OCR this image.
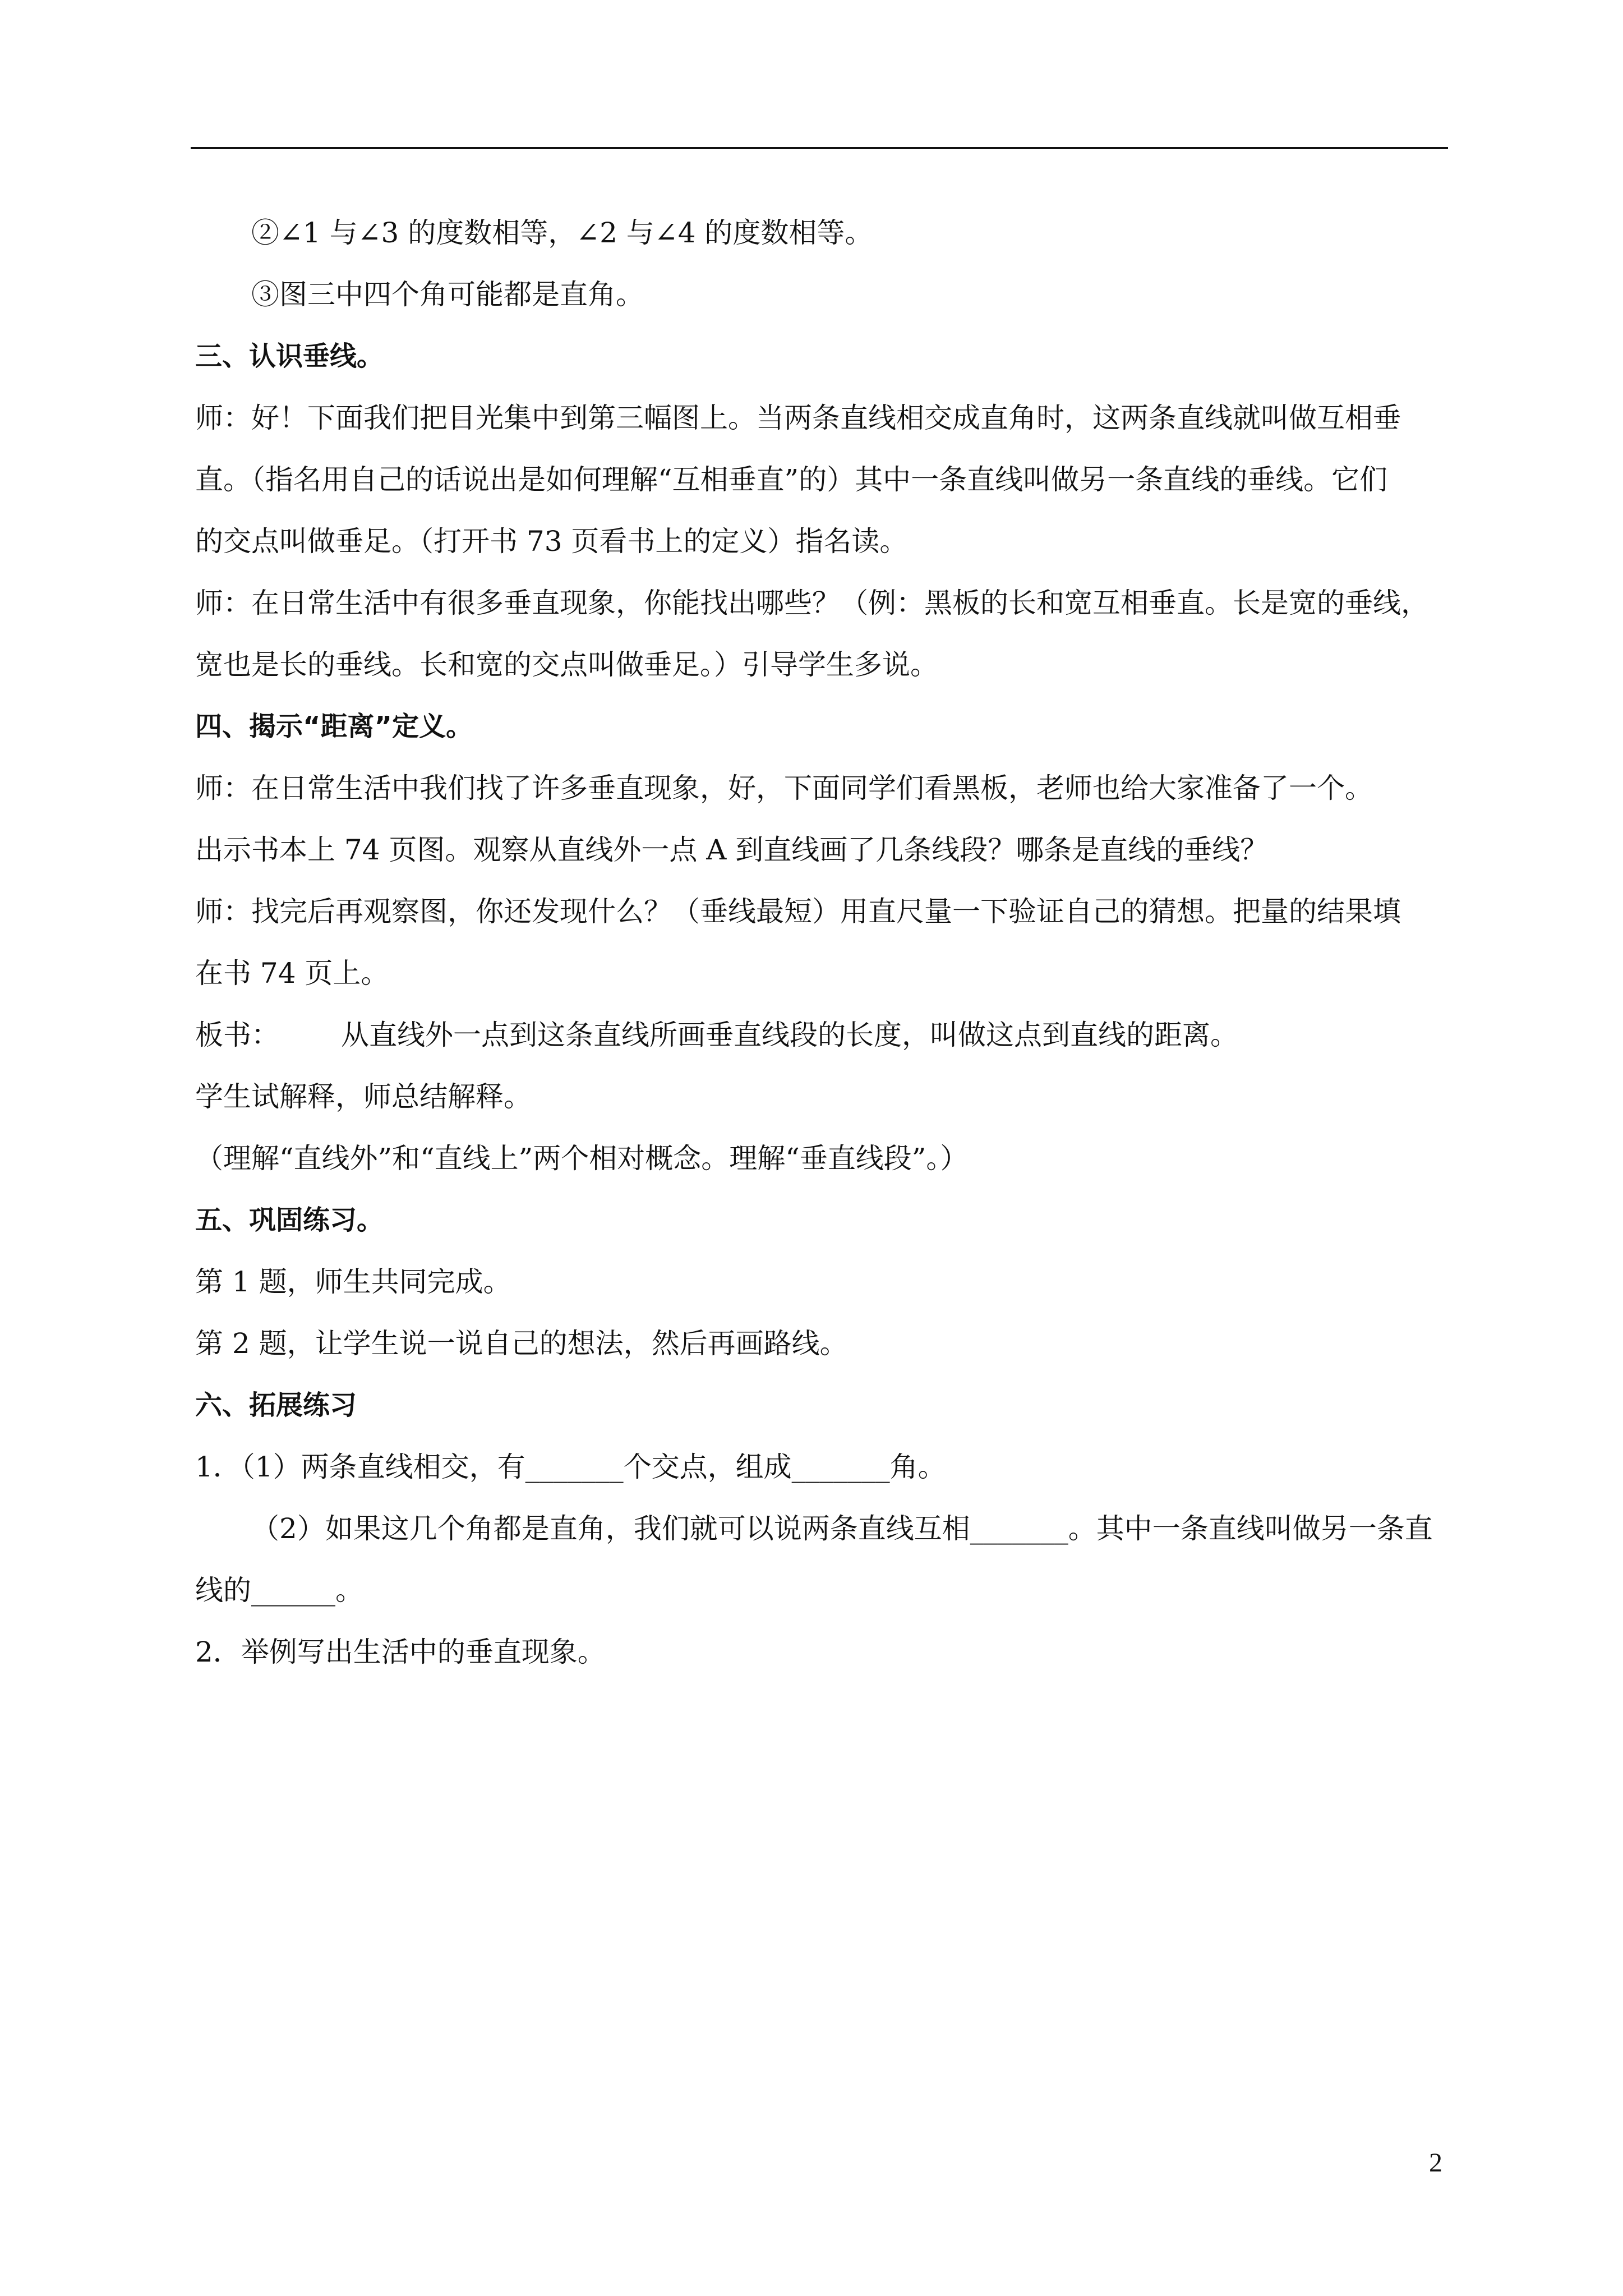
②∠1 与∠3 的度数相等，∠2 与∠4 的度数相等。

③图三中四个角可能都是直角。

三、认识垂线。

师：好！下面我们把目光集中到第三幅图上。当两条直线相交成直角时，这两条直线就叫做互相垂

直。（指名用自己的话说出是如何理解“互相垂直”的）其中一条直线叫做另一条直线的垂线。它们

的交点叫做垂足。（打开书 73 页看书上的定义）指名读。

师：在日常生活中有很多垂直现象，你能找出哪些？（例：黑板的长和宽互相垂直。长是宽的垂线，

宽也是长的垂线。长和宽的交点叫做垂足。）引导学生多说。

四、揭示“距离”定义。

师：在日常生活中我们找了许多垂直现象，好，下面同学们看黑板，老师也给大家准备了一个。

出示书本上 74 页图。观察从直线外一点 A 到直线画了几条线段？哪条是直线的垂线？

师：找完后再观察图，你还发现什么？（垂线最短）用直尺量一下验证自己的猜想。把量的结果填

在书 74 页上。

板书： 从直线外一点到这条直线所画垂直线段的长度，叫做这点到直线的距离。

学生试解释，师总结解释。

（理解“直线外”和“直线上”两个相对概念。理解“垂直线段”。）

五、巩固练习。

第 1 题，师生共同完成。

第 2 题，让学生说一说自己的想法，然后再画路线。

六、拓展练习

1．（1）两条直线相交，有_______个交点，组成_______角。

（2）如果这几个角都是直角，我们就可以说两条直线互相_______。其中一条直线叫做另一条直

线的______。

2．举例写出生活中的垂直现象。

2
